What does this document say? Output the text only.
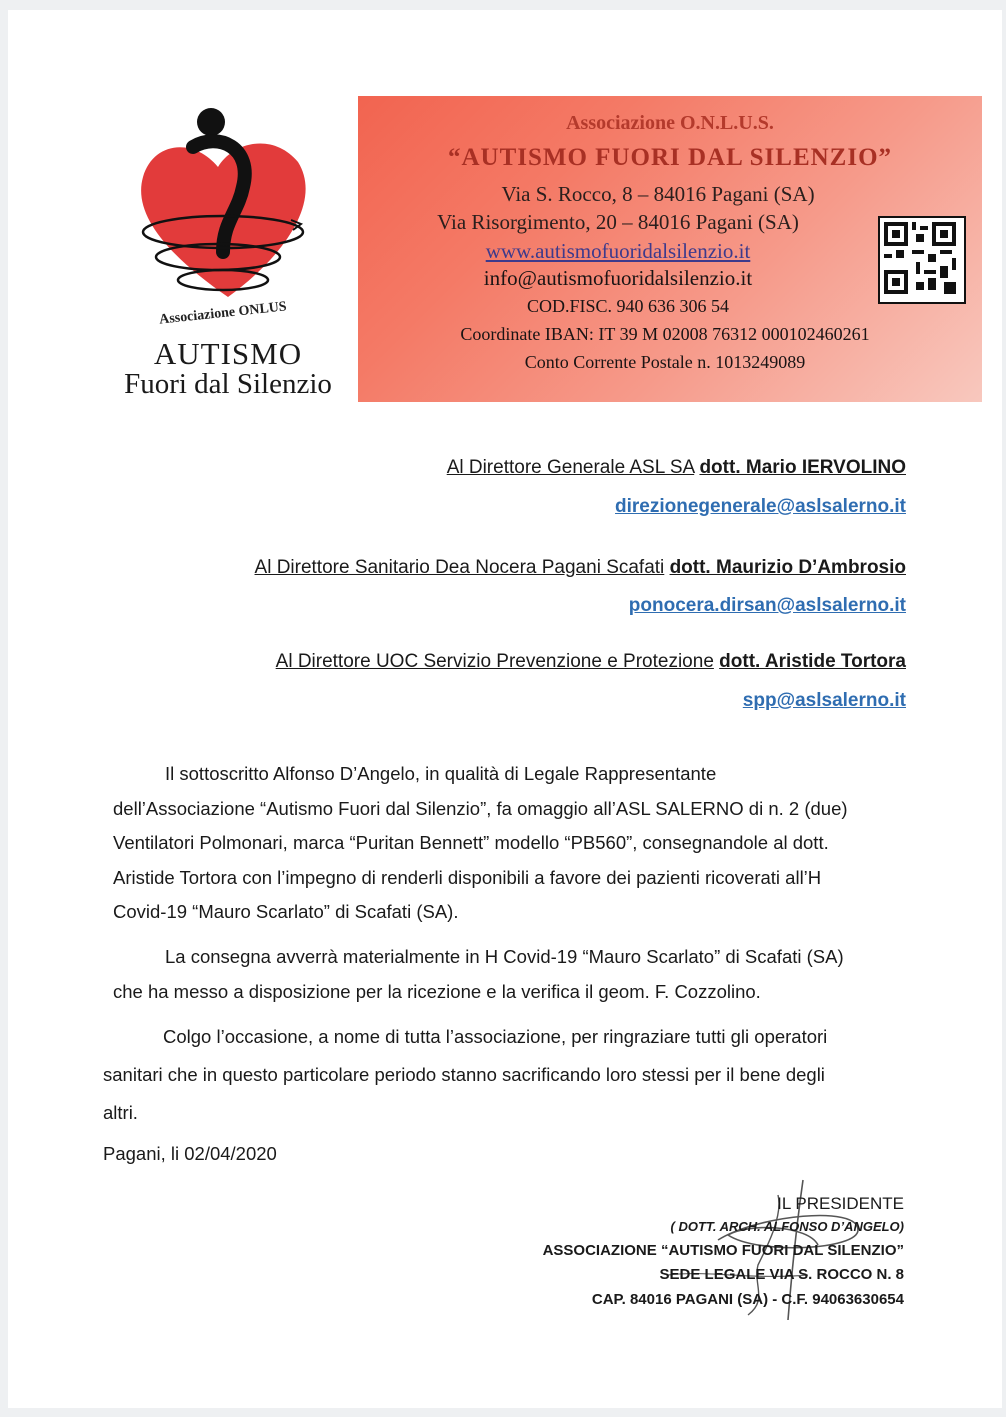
Associazione ONLUS
AUTISMO
Fuori dal Silenzio
Associazione O.N.L.U.S.
“AUTISMO FUORI DAL SILENZIO”
Via S. Rocco, 8 – 84016 Pagani (SA)
Via Risorgimento, 20 – 84016 Pagani (SA)
www.autismofuoridalsilenzio.it
info@autismofuoridalsilenzio.it
COD.FISC. 940 636 306 54
Coordinate IBAN: IT 39 M 02008 76312 000102460261
Conto Corrente Postale n. 1013249089
Al Direttore Generale ASL SA dott. Mario IERVOLINO
direzionegenerale@aslsalerno.it
Al Direttore Sanitario Dea Nocera Pagani Scafati dott. Maurizio D’Ambrosio
ponocera.dirsan@aslsalerno.it
Al Direttore UOC Servizio Prevenzione e Protezione dott. Aristide Tortora
spp@aslsalerno.it
Il sottoscritto Alfonso D’Angelo, in qualità di Legale Rappresentante
dell’Associazione “Autismo Fuori dal Silenzio”, fa omaggio all’ASL SALERNO di n. 2 (due)
Ventilatori Polmonari, marca “Puritan Bennett” modello “PB560”, consegnandole al dott.
Aristide Tortora con l’impegno di renderli disponibili a favore dei pazienti ricoverati all’H
Covid-19 “Mauro Scarlato” di Scafati (SA).
La consegna avverrà materialmente in H Covid-19 “Mauro Scarlato” di Scafati (SA)
che ha messo a disposizione per la ricezione e la verifica il geom. F. Cozzolino.
Colgo l’occasione, a nome di tutta l’associazione, per ringraziare tutti gli operatori
sanitari che in questo particolare periodo stanno sacrificando loro stessi per il bene degli
altri.
Pagani, li 02/04/2020
IL PRESIDENTE
( DOTT. ARCH. ALFONSO D’ANGELO)
ASSOCIAZIONE “AUTISMO FUORI DAL SILENZIO”
SEDE LEGALE VIA S. ROCCO N. 8
CAP. 84016 PAGANI (SA) - C.F. 94063630654
